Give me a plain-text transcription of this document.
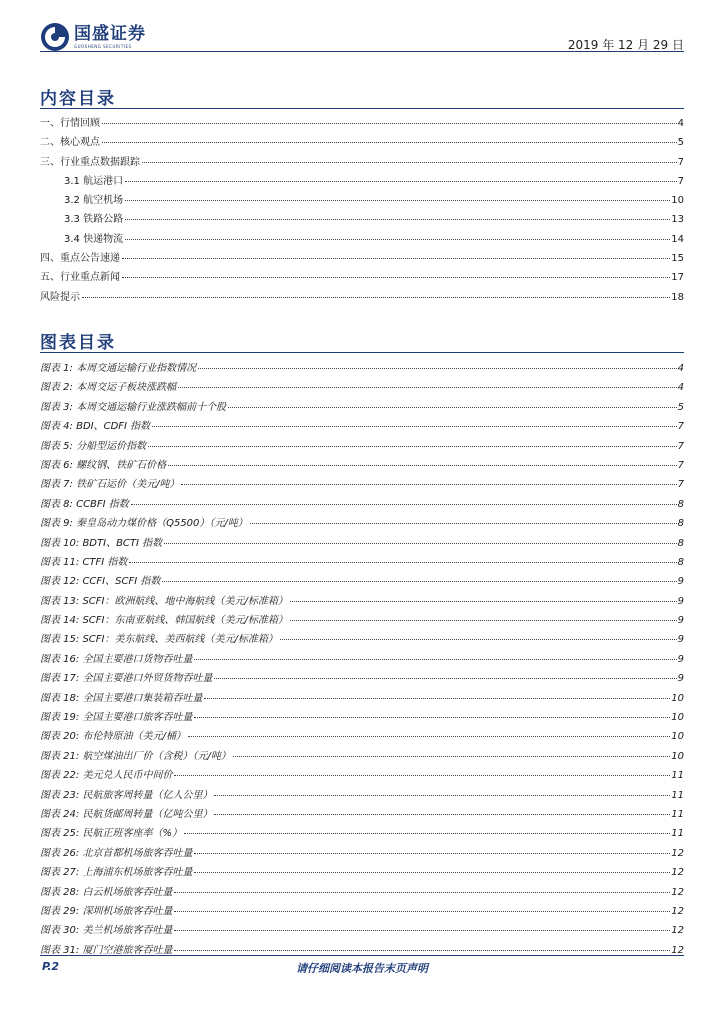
国盛证券
GUOSHENG SECURITIES	2019 年 12 月 29 日
内容目录
一、行情回顾	4
二、核心观点	5
三、行业重点数据跟踪	7
3.1 航运港口	7
3.2 航空机场	10
3.3 铁路公路	13
3.4 快递物流	14
四、重点公告速递	15
五、行业重点新闻	17
风险提示	18
图表目录
图表 1: 本周交通运输行业指数情况	4
图表 2: 本周交运子板块涨跌幅	4
图表 3: 本周交通运输行业涨跌幅前十个股	5
图表 4: BDI、CDFI 指数	7
图表 5: 分船型运价指数	7
图表 6: 螺纹钢、铁矿石价格	7
图表 7: 铁矿石运价（美元/吨）	7
图表 8: CCBFI 指数	8
图表 9: 秦皇岛动力煤价格（Q5500）（元/吨）	8
图表 10: BDTI、BCTI 指数	8
图表 11: CTFI 指数	8
图表 12: CCFI、SCFI 指数	9
图表 13: SCFI：欧洲航线、地中海航线（美元/标准箱）	9
图表 14: SCFI：东南亚航线、韩国航线（美元/标准箱）	9
图表 15: SCFI：美东航线、美西航线（美元/标准箱）	9
图表 16: 全国主要港口货物吞吐量	9
图表 17: 全国主要港口外贸货物吞吐量	9
图表 18: 全国主要港口集装箱吞吐量	10
图表 19: 全国主要港口旅客吞吐量	10
图表 20: 布伦特原油（美元/桶）	10
图表 21: 航空煤油出厂价（含税）（元/吨）	10
图表 22: 美元兑人民币中间价	11
图表 23: 民航旅客周转量（亿人公里）	11
图表 24: 民航货邮周转量（亿吨公里）	11
图表 25: 民航正班客座率（%）	11
图表 26: 北京首都机场旅客吞吐量	12
图表 27: 上海浦东机场旅客吞吐量	12
图表 28: 白云机场旅客吞吐量	12
图表 29: 深圳机场旅客吞吐量	12
图表 30: 美兰机场旅客吞吐量	12
图表 31: 厦门空港旅客吞吐量	12
P.2	请仔细阅读本报告末页声明
